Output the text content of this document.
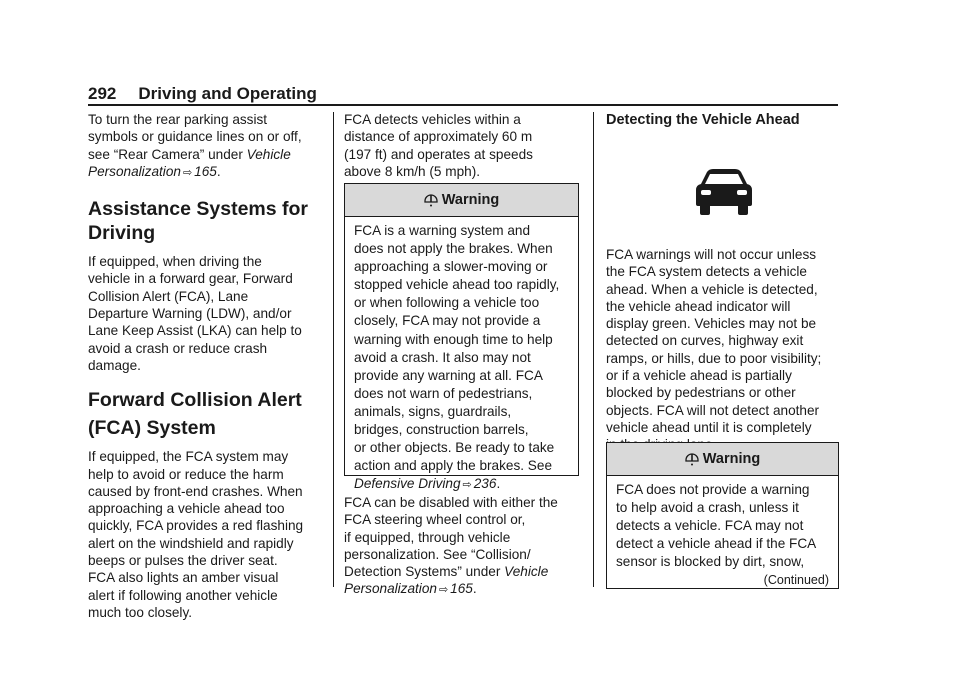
292 Driving and Operating

To turn the rear parking assist

symbols or guidance lines on or off,

see “Rear Camera” under Vehicle

Personalization ⇨ 165.

Assistance Systems for

Driving

If equipped, when driving the

vehicle in a forward gear, Forward

Collision Alert (FCA), Lane

Departure Warning (LDW), and/or

Lane Keep Assist (LKA) can help to

avoid a crash or reduce crash

damage.

Forward Collision Alert

(FCA) System

If equipped, the FCA system may

help to avoid or reduce the harm

caused by front-end crashes. When

approaching a vehicle ahead too

quickly, FCA provides a red flashing

alert on the windshield and rapidly

beeps or pulses the driver seat.

FCA also lights an amber visual

alert if following another vehicle

much too closely.

FCA detects vehicles within a

distance of approximately 60 m

(197 ft) and operates at speeds

above 8 km/h (5 mph).

Warning

FCA is a warning system and

does not apply the brakes. When

approaching a slower-moving or

stopped vehicle ahead too rapidly,

or when following a vehicle too

closely, FCA may not provide a

warning with enough time to help

avoid a crash. It also may not

provide any warning at all. FCA

does not warn of pedestrians,

animals, signs, guardrails,

bridges, construction barrels,

or other objects. Be ready to take

action and apply the brakes. See

Defensive Driving ⇨ 236.

FCA can be disabled with either the

FCA steering wheel control or,

if equipped, through vehicle

personalization. See “Collision/

Detection Systems” under Vehicle

Personalization ⇨ 165.

Detecting the Vehicle Ahead

FCA warnings will not occur unless

the FCA system detects a vehicle

ahead. When a vehicle is detected,

the vehicle ahead indicator will

display green. Vehicles may not be

detected on curves, highway exit

ramps, or hills, due to poor visibility;

or if a vehicle ahead is partially

blocked by pedestrians or other

objects. FCA will not detect another

vehicle ahead until it is completely

Warning

FCA does not provide a warning

to help avoid a crash, unless it

detects a vehicle. FCA may not

detect a vehicle ahead if the FCA

sensor is blocked by dirt, snow,

(Continued)
